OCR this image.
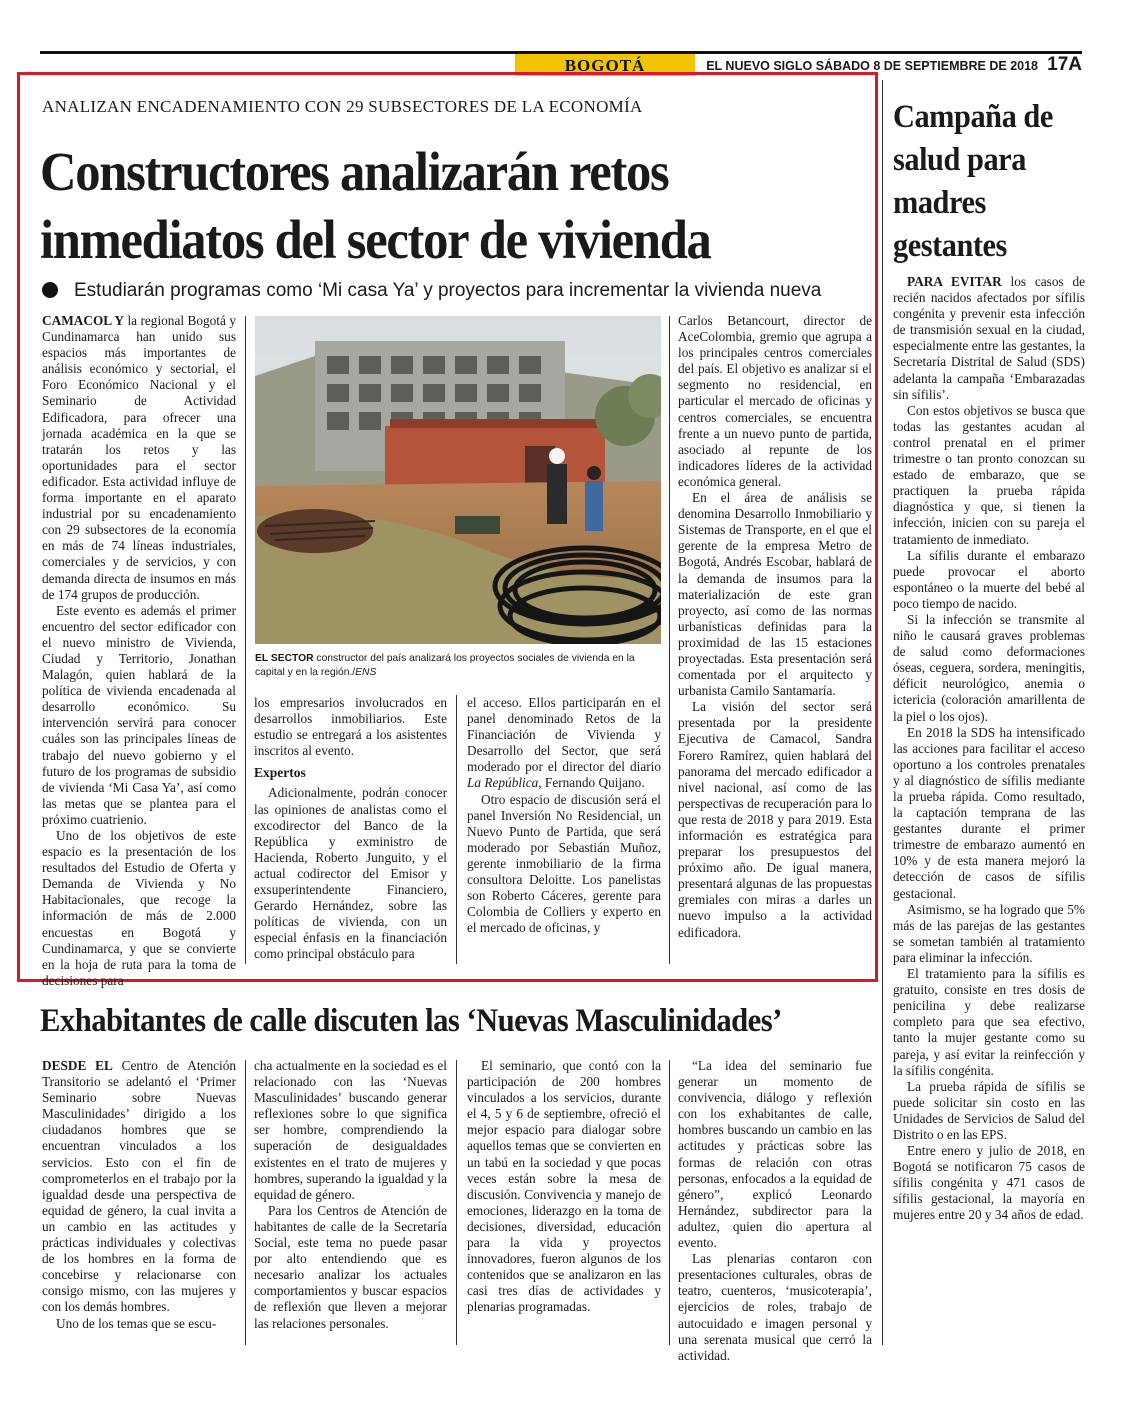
BOGOTÁ	EL NUEVO SIGLO SÁBADO 8 DE SEPTIEMBRE DE 2018 17A
ANALIZAN ENCADENAMIENTO CON 29 SUBSECTORES DE LA ECONOMÍA
Constructores analizarán retos
inmediatos del sector de vivienda
Estudiarán programas como ‘Mi casa Ya’ y proyectos para incrementar la vivienda nueva

CAMACOL Y la regional Bogotá y Cundinamarca han unido sus espacios más importantes de análisis económico y sectorial, el Foro Económico Nacional y el Seminario de Actividad Edificadora, para ofrecer una jornada académica en la que se tratarán los retos y las oportunidades para el sector edificador. Esta actividad influye de forma importante en el aparato industrial por su encadenamiento con 29 subsectores de la economía en más de 74 líneas industriales, comerciales y de servicios, y con demanda directa de insumos en más de 174 grupos de producción.

Este evento es además el primer encuentro del sector edificador con el nuevo ministro de Vivienda, Ciudad y Territorio, Jonathan Malagón, quien hablará de la política de vivienda encadenada al desarrollo económico. Su intervención servirá para conocer cuáles son las principales líneas de trabajo del nuevo gobierno y el futuro de los programas de subsidio de vivienda ‘Mi Casa Ya’, así como las metas que se plantea para el próximo cuatrienio.

Uno de los objetivos de este espacio es la presentación de los resultados del Estudio de Oferta y Demanda de Vivienda y No Habitacionales, que recoge la información de más de 2.000 encuestas en Bogotá y Cundinamarca, y que se convierte en la hoja de ruta para la toma de decisiones para

EL SECTOR constructor del país analizará los proyectos sociales de vivienda en la capital y en la región./ENS

los empresarios involucrados en desarrollos inmobiliarios. Este estudio se entregará a los asistentes inscritos al evento.

Expertos

Adicionalmente, podrán conocer las opiniones de analistas como el excodirector del Banco de la República y exministro de Hacienda, Roberto Junguito, y el actual codirector del Emisor y exsuperintendente Financiero, Gerardo Hernández, sobre las políticas de vivienda, con un especial énfasis en la financiación como principal obstáculo para

el acceso. Ellos participarán en el panel denominado Retos de la Financiación de Vivienda y Desarrollo del Sector, que será moderado por el director del diario La República, Fernando Quijano.

Otro espacio de discusión será el panel Inversión No Residencial, un Nuevo Punto de Partida, que será moderado por Sebastián Muñoz, gerente inmobiliario de la firma consultora Deloitte. Los panelistas son Roberto Cáceres, gerente para Colombia de Colliers y experto en el mercado de oficinas, y

Carlos Betancourt, director de AceColombia, gremio que agrupa a los principales centros comerciales del país. El objetivo es analizar si el segmento no residencial, en particular el mercado de oficinas y centros comerciales, se encuentra frente a un nuevo punto de partida, asociado al repunte de los indicadores líderes de la actividad económica general.

En el área de análisis se denomina Desarrollo Inmobiliario y Sistemas de Transporte, en el que el gerente de la empresa Metro de Bogotá, Andrés Escobar, hablará de la demanda de insumos para la materialización de este gran proyecto, así como de las normas urbanísticas definidas para la proximidad de las 15 estaciones proyectadas. Esta presentación será comentada por el arquitecto y urbanista Camilo Santamaría.

La visión del sector será presentada por la presidente Ejecutiva de Camacol, Sandra Forero Ramírez, quien hablará del panorama del mercado edificador a nivel nacional, así como de las perspectivas de recuperación para lo que resta de 2018 y para 2019. Esta información es estratégica para preparar los presupuestos del próximo año. De igual manera, presentará algunas de las propuestas gremiales con miras a darles un nuevo impulso a la actividad edificadora.

Campaña de salud para madres gestantes

PARA EVITAR los casos de recién nacidos afectados por sífilis congénita y prevenir esta infección de transmisión sexual en la ciudad, especialmente entre las gestantes, la Secretaría Distrital de Salud (SDS) adelanta la campaña ‘Embarazadas sin sífilis’.

Con estos objetivos se busca que todas las gestantes acudan al control prenatal en el primer trimestre o tan pronto conozcan su estado de embarazo, que se practiquen la prueba rápida diagnóstica y que, si tienen la infección, inicien con su pareja el tratamiento de inmediato.

La sífilis durante el embarazo puede provocar el aborto espontáneo o la muerte del bebé al poco tiempo de nacido.

Si la infección se transmite al niño le causará graves problemas de salud como deformaciones óseas, ceguera, sordera, meningitis, déficit neurológico, anemia o ictericia (coloración amarillenta de la piel o los ojos).

En 2018 la SDS ha intensificado las acciones para facilitar el acceso oportuno a los controles prenatales y al diagnóstico de sífilis mediante la prueba rápida. Como resultado, la captación temprana de las gestantes durante el primer trimestre de embarazo aumentó en 10% y de esta manera mejoró la detección de casos de sífilis gestacional.

Asimismo, se ha logrado que 5% más de las parejas de las gestantes se sometan también al tratamiento para eliminar la infección.

El tratamiento para la sífilis es gratuito, consiste en tres dosis de penicilina y debe realizarse completo para que sea efectivo, tanto la mujer gestante como su pareja, y así evitar la reinfección y la sífilis congénita.

La prueba rápida de sífilis se puede solicitar sin costo en las Unidades de Servicios de Salud del Distrito o en las EPS.

Entre enero y julio de 2018, en Bogotá se notificaron 75 casos de sífilis congénita y 471 casos de sífilis gestacional, la mayoría en mujeres entre 20 y 34 años de edad.

Exhabitantes de calle discuten las ‘Nuevas Masculinidades’

DESDE EL Centro de Atención Transitorio se adelantó el ‘Primer Seminario sobre Nuevas Masculinidades’ dirigido a los ciudadanos hombres que se encuentran vinculados a los servicios. Esto con el fin de comprometerlos en el trabajo por la igualdad desde una perspectiva de equidad de género, la cual invita a un cambio en las actitudes y prácticas individuales y colectivas de los hombres en la forma de concebirse y relacionarse con consigo mismo, con las mujeres y con los demás hombres.

Uno de los temas que se escu-

cha actualmente en la sociedad es el relacionado con las ‘Nuevas Masculinidades’ buscando generar reflexiones sobre lo que significa ser hombre, comprendiendo la superación de desigualdades existentes en el trato de mujeres y hombres, superando la igualdad y la equidad de género.

Para los Centros de Atención de habitantes de calle de la Secretaría Social, este tema no puede pasar por alto entendiendo que es necesario analizar los actuales comportamientos y buscar espacios de reflexión que lleven a mejorar las relaciones personales.

El seminario, que contó con la participación de 200 hombres vinculados a los servicios, durante el 4, 5 y 6 de septiembre, ofreció el mejor espacio para dialogar sobre aquellos temas que se convierten en un tabú en la sociedad y que pocas veces están sobre la mesa de discusión. Convivencia y manejo de emociones, liderazgo en la toma de decisiones, diversidad, educación para la vida y proyectos innovadores, fueron algunos de los contenidos que se analizaron en las casi tres días de actividades y plenarias programadas.

“La idea del seminario fue generar un momento de convivencia, diálogo y reflexión con los exhabitantes de calle, hombres buscando un cambio en las actitudes y prácticas sobre las formas de relación con otras personas, enfocados a la equidad de género”, explicó Leonardo Hernández, subdirector para la adultez, quien dio apertura al evento.

Las plenarias contaron con presentaciones culturales, obras de teatro, cuenteros, ‘musicoterapia’, ejercicios de roles, trabajo de autocuidado e imagen personal y una serenata musical que cerró la actividad.
